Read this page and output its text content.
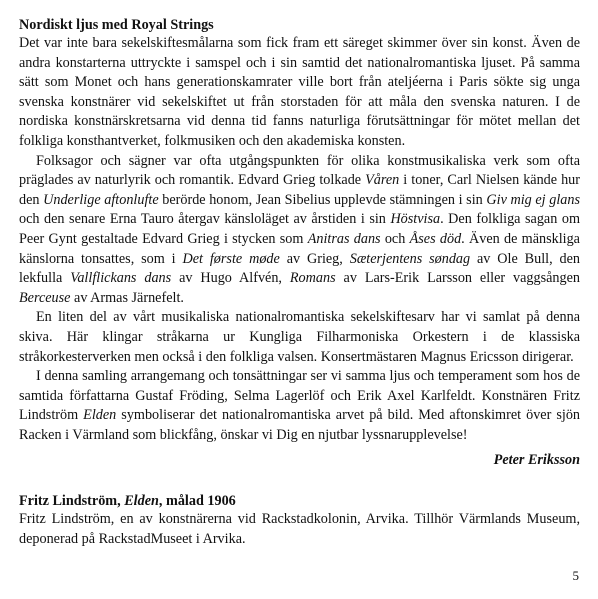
Nordiskt ljus med Royal Strings

Det var inte bara sekelskiftesmålarna som fick fram ett säreget skimmer över sin konst. Även de andra konstarterna uttryckte i samspel och i sin samtid det nationalromantiska ljuset. På samma sätt som Monet och hans generationskamrater ville bort från ateljéerna i Paris sökte sig unga svenska konstnärer vid sekelskiftet ut från storstaden för att måla den svenska naturen. I de nordiska konstnärskretsarna vid denna tid fanns naturliga förutsättningar för mötet mellan det folkliga konsthantverket, folkmusiken och den akademiska konsten.

Folksagor och sägner var ofta utgångspunkten för olika konstmusikaliska verk som ofta präglades av naturlyrik och romantik. Edvard Grieg tolkade Våren i toner, Carl Nielsen kände hur den Underlige aftonlufte berörde honom, Jean Sibelius upplevde stämningen i sin Giv mig ej glans och den senare Erna Tauro återgav känsloläget av årstiden i sin Höstvisa. Den folkliga sagan om Peer Gynt gestaltade Edvard Grieg i stycken som Anitras dans och Åses död. Även de mänskliga känslorna tonsattes, som i Det første møde av Grieg, Sæterjentens søndag av Ole Bull, den lekfulla Vallflickans dans av Hugo Alfvén, Romans av Lars-Erik Larsson eller vaggsången Berceuse av Armas Järnefelt.

En liten del av vårt musikaliska nationalromantiska sekelskiftesarv har vi samlat på denna skiva. Här klingar stråkarna ur Kungliga Filharmoniska Orkestern i de klassiska stråkorkesterverken men också i den folkliga valsen. Konsertmästaren Magnus Ericsson dirigerar.

I denna samling arrangemang och tonsättningar ser vi samma ljus och temperament som hos de samtida författarna Gustaf Fröding, Selma Lagerlöf och Erik Axel Karlfeldt. Konstnären Fritz Lindström Elden symboliserar det nationalromantiska arvet på bild. Med aftonskimret över sjön Racken i Värmland som blickfång, önskar vi Dig en njutbar lyssnarupplevelse!

Peter Eriksson

Fritz Lindström, Elden, målad 1906

Fritz Lindström, en av konstnärerna vid Rackstadkolonin, Arvika. Tillhör Värmlands Museum, deponerad på RackstadMuseet i Arvika.

5
